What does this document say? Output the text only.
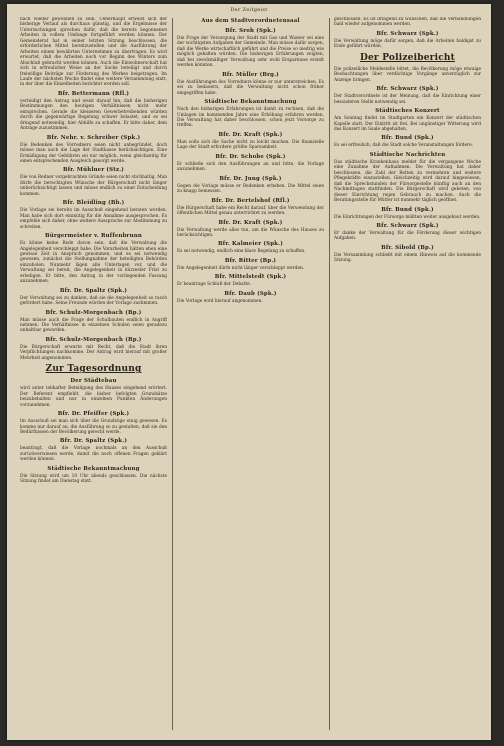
Der Zeitgeist
nach wieder gewonnen zu sein. Ueberhaupt erweist sich der bisherige Verlauf als durchaus günstig, und die Ergebnisse der Untersuchungen sprechen dafür, daß die bereits begonnenen Arbeiten in vollem Umfange fortgeführt werden können. Der Gemeinderat hat in seiner letzten Sitzung beschlossen, die erforderlichen Mittel bereitzustellen und die Ausführung der Arbeiten einem bewährten Unternehmen zu übertragen. Es wird erwartet, daß die Arbeiten noch vor Beginn des Winters zum Abschluß gebracht werden können. Auch die Einwohnerschaft hat sich in erfreulicher Weise an der Sache beteiligt und durch freiwillige Beiträge zur Förderung des Werkes beigetragen. Im Laufe der nächsten Woche findet eine weitere Versammlung statt, in der über die Einzelheiten berichtet werden soll.
Bfr. Bettermann (Rfl.)
verteidigt den Antrag und weist darauf hin, daß die bisherigen Bestimmungen den heutigen Verhältnissen nicht mehr entsprechen. Gerade die kleineren Gewerbetreibenden würden durch die gegenwärtige Regelung schwer belastet, und es sei dringend notwendig, hier Abhilfe zu schaffen. Er bitte daher, dem Antrage zuzustimmen.
Bfr. Nehr. v. Schreiber (Spk.)
Die Bedenken des Vorredners seien nicht unbegründet, doch müsse man auch die Lage der Stadtkasse berücksichtigen. Eine Ermäßigung der Gebühren sei nur möglich, wenn gleichzeitig für einen entsprechenden Ausgleich gesorgt werde.
Bfr. Mühlner (Stz.)
Die von Redner vorgebrachten Gründe seien nicht stichhaltig. Man dürfe die berechtigten Wünsche der Bürgerschaft nicht länger unberücksichtigt lassen und müsse endlich zu einer Entscheidung kommen.
Bfr. Bleidling (Bb.)
Die Vorlage sei bereits im Ausschuß eingehend beraten worden. Man habe sich dort einmütig für die Annahme ausgesprochen. Es empfehle sich daher, ohne weitere Aussprache zur Abstimmung zu schreiten.
Bürgermeister v. Ruffenbrunn
Es könne keine Rede davon sein, daß die Verwaltung die Angelegenheit verschleppt habe. Die Vorarbeiten hätten eben eine gewisse Zeit in Anspruch genommen, und es sei notwendig gewesen, zunächst die Stellungnahme der beteiligten Behörden einzuholen. Nunmehr lägen alle Unterlagen vor, und die Verwaltung sei bereit, die Angelegenheit in kürzester Frist zu erledigen. Er bitte, den Antrag in der vorliegenden Fassung anzunehmen.
Bfr. Dr. Spaltz (Spk.)
Der Verwaltung sei zu danken, daß sie die Angelegenheit so rasch gefördert habe. Seine Freunde würden der Vorlage zustimmen.
Bfr. Schulz-Morgenbach (Bp.)
Man müsse auch die Frage der Schulbauten endlich in Angriff nehmen. Die Verhältnisse in einzelnen Schulen seien geradezu unhaltbar geworden.
Bfr. Schulz-Morgenbach (Bp.)
Die Bürgerschaft erwarte mit Recht, daß die Stadt ihren Verpflichtungen nachkomme. Der Antrag wird hierauf mit großer Mehrheit angenommen.
Zur Tagesordnung
Der Städtebau
wird unter lebhafter Beteiligung des Hauses eingehend erörtert. Der Referent empfiehlt, die bisher befolgten Grundsätze beizubehalten und nur in einzelnen Punkten Änderungen vorzunehmen.
Bfr. Dr. Pfeiffer (Spk.)
Im Ausschuß sei man sich über die Grundzüge einig gewesen. Es komme nur darauf an, die Ausführung so zu gestalten, daß sie den Bedürfnissen der Bevölkerung gerecht werde.
Bfr. Dr. Spaltz (Spk.)
beantragt, daß die Vorlage nochmals an den Ausschuß zurückverwiesen werde, damit die noch offenen Fragen geklärt werden können.
Städtische Bekanntmachung
Die Sitzung wird um 10 Uhr abends geschlossen. Die nächste Sitzung findet am Dienstag statt.
Aus dem Stadtverordnetensaal
Bfr. Sroh (Spk.)
Die Frage der Versorgung der Stadt mit Gas und Wasser sei eine der wichtigsten Aufgaben der Gemeinde. Man müsse dafür sorgen, daß die Werke wirtschaftlich geführt und die Preise so niedrig wie möglich gehalten würden. Die bisherigen Erfahrungen zeigten, daß bei zweckmäßiger Verwaltung sehr wohl Ersparnisse erzielt werden könnten.
Bfr. Müller (Brg.)
Die Ausführungen des Vorredners könne er nur unterstreichen. Es sei zu bedauern, daß die Verwaltung nicht schon früher eingegriffen habe.
Städtische Bekanntmachung
Nach den bisherigen Erfahrungen ist damit zu rechnen, daß die Umlagen im kommenden Jahre eine Erhöhung erfahren werden. Die Verwaltung hat daher beschlossen, schon jetzt Vorsorge zu treffen.
Bfr. Dr. Kraft (Spk.)
Man solle sich die Sache nicht zu leicht machen. Die finanzielle Lage der Stadt erfordere größte Sparsamkeit.
Bfr. Dr. Schobe (Spk.)
Er schließe sich den Ausführungen an und bitte, die Vorlage anzunehmen.
Bfr. Dr. Jung (Spk.)
Gegen die Vorlage müsse er Bedenken erheben. Die Mittel seien zu knapp bemessen.
Bfr. Dr. Bertelshof (Rfl.)
Die Bürgerschaft habe ein Recht darauf, über die Verwendung der öffentlichen Mittel genau unterrichtet zu werden.
Bfr. Dr. Kraft (Spk.)
Die Verwaltung werde alles tun, um die Wünsche des Hauses zu berücksichtigen.
Bfr. Kalmeier (Spk.)
Es sei notwendig, endlich eine klare Regelung zu schaffen.
Bfr. Ritter (Bp.)
Die Angelegenheit dürfe nicht länger verschleppt werden.
Bfr. Mittelstedt (Spk.)
Er beantrage Schluß der Debatte.
Bfr. Daub (Spk.)
Die Vorlage wird hierauf angenommen.
geschlossen. Es ist dringend zu wünschen, daß die Verhandlungen bald wieder aufgenommen werden.
Bfr. Schwarz (Spk.)
Die Verwaltung möge dafür sorgen, daß die Arbeiten baldigst zu Ende geführt würden.
Der Polizeibericht
Die polizeiliche Meldestelle bittet, die Bevölkerung möge etwaige Beobachtungen über verdächtige Vorgänge unverzüglich zur Anzeige bringen.
Bfr. Schwarz (Spk.)
Der Stadtverordnete ist der Meinung, daß die Einrichtung einer besonderen Stelle notwendig sei.
Städtisches Konzert
Am Sonntag findet im Stadtgarten ein Konzert der städtischen Kapelle statt. Der Eintritt ist frei. Bei ungünstiger Witterung wird das Konzert im Saale abgehalten.
Bfr. Bund (Spk.)
Es sei erfreulich, daß die Stadt solche Veranstaltungen fördere.
Städtische Nachrichten
Das städtische Krankenhaus meldet für die vergangene Woche eine Zunahme der Aufnahmen. Die Verwaltung hat daher beschlossen, die Zahl der Betten zu vermehren und weitere Pflegekräfte einzustellen. Gleichzeitig wird darauf hingewiesen, daß die Sprechstunden der Fürsorgestelle künftig auch an den Nachmittagen stattfinden. Die Bürgerschaft wird gebeten, von dieser Einrichtung regen Gebrauch zu machen. Auch die Beratungsstelle für Mütter ist nunmehr täglich geöffnet.
Bfr. Bund (Spk.)
Die Einrichtungen der Fürsorge müßten weiter ausgebaut werden.
Bfr. Schwarz (Spk.)
Er danke der Verwaltung für die Förderung dieser wichtigen Aufgaben.
Bfr. Sibold (Bp.)
Die Versammlung schließt mit einem Hinweis auf die kommende Sitzung.
